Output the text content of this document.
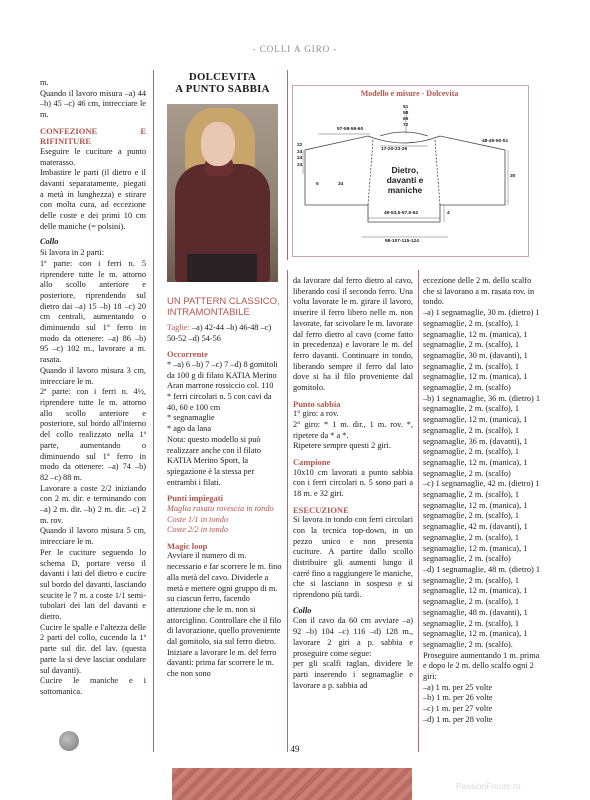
- COLLI A GIRO -

m.

Quando il lavoro misura –a) 44 –b) 45 –c) 46 cm, intrecciare le m.

CONFEZIONE E RIFINITURE

Eseguire le cuciture a punto materasso.

Imbastire le parti (il dietro e il davanti separatamente, piegati a metà in lunghezza) e stirare con molta cura, ad eccezione delle coste e dei primi 10 cm delle maniche (= polsini).

Collo

Si lavora in 2 parti:

1ª parte: con i ferri n. 5 riprendere tutte le m. attorno allo scollo anteriore e posteriore, riprendendo sul dietro dai –a) 15 –b) 18 –c) 20 cm centrali, aumentando o diminuendo sul 1° ferro in modo da ottenere: –a) 86 –b) 95 –c) 102 m., lavorare a m. rasata.

Quando il lavoro misura 3 cm, intrecciare le m.

2ª parte: con i ferri n. 4½, riprendere tutte le m. attorno allo scollo anteriore e posteriore, sul bordo all'interno del collo realizzato nella 1ª parte, aumentando o diminuendo sul 1° ferro in modo da ottenere: –a) 74 –b) 82 –c) 88 m.

Lavorare a coste 2/2 iniziando con 2 m. dir. e terminando con –a) 2 m. dir. –b) 2 m. dir. –c) 2 m. rov.

Quando il lavoro misura 5 cm, intrecciare le m.

Per le cuciture seguendo lo schema D, portare verso il davanti i lati del dietro e cucire sul bordo del davanti, lasciando scucite le 7 m. a coste 1/1 semi-tubolari dei lati del davanti e dietro.

Cucire le spalle e l'altezza delle 2 parti del collo, cucendo la 1ª parte sul dir. del lav. (questa parte la si deve lasciar ondulare sul davanti).

Cucire le maniche e i sottomanica.

DOLCEVITA
A PUNTO SABBIA

UN PATTERN CLASSICO, INTRAMONTABILE

Taglie: –a) 42-44 –b) 46-48 –c) 50-52 –d) 54-56

Occorrente

* –a) 6 –b) 7 –c) 7 –d) 8 gomitoli da 100 g di filato KATIA Merino Aran marrone rossiccio col. 110

* ferri circolari n. 5 con cavi da 40, 60 e 100 cm

* segnamaglie

* ago da lana

Nota: questo modello si può realizzare anche con il filato KATIA Merino Sport, la spiegazione è la stessa per entrambi i filati.

Punti impiegati

Maglia rasata rovescia in tondo

Coste 1/1 in tondo

Coste 2/2 in tondo

Magic loop

Avviare il numero di m. necessario e far scorrere le m. fino alla metà del cavo. Dividerle a metà e mettere ogni gruppo di m. su ciascun ferro, facendo attenzione che le m. non si attorciglino. Controllare che il filo di lavorazione, quello proveniente dal gomitolo, sia sul ferro dietro. Iniziare a lavorare le m. del ferro davanti: prima far scorrere le m. che non sono

Modello e misure - Dolcevita
51
58
65
72
57-58-59-60
17-20-23-26
22
24
24
24
48-49-50-51
30
5	34
Dietro,
davanti e
maniche
49-53,5-57,5-62
98-107-115-124
4

da lavorare dal ferro dietro al cavo, liberando così il secondo ferro. Una volta lavorate le m. girare il lavoro, inserire il ferro libero nelle m. non lavorate, far scivolare le m. lavorate dal ferro dietro al cavo (come fatto in precedenza) e lavorare le m. del ferro davanti. Continuare in tondo, liberando sempre il ferro dal lato dove si ha il filo proveniente dal gomitolo.

Punto sabbia

1° giro: a rov.

2° giro: * 1 m. dir., 1 m. rov. *, ripetere da * a *.

Ripetere sempre questi 2 giri.

Campione

10x10 cm lavorati a punto sabbia con i ferri circolari n. 5 sono pari a 18 m. e 32 giri.

ESECUZIONE

Si lavora in tondo con ferri circolari con la tecnica top-down, in un pezzo unico e non presenta cuciture. A partire dallo scollo distribuire gli aumenti lungo il carré fino a raggiungere le maniche, che si lasciano in sospeso e si riprendono più tardi.

Collo

Con il cavo da 60 cm avviare –a) 92 –b) 104 –c) 116 –d) 128 m., lavorare 2 giri a p. sabbia e proseguire come segue:

per gli scalfi raglan, dividere le parti inserendo i segnamaglie e lavorare a p. sabbia ad

eccezione delle 2 m. dello scalfo che si lavorano a m. rasata rov. in tondo.

–a) 1 segnamaglie, 30 m. (dietro) 1 segnamaglie, 2 m. (scalfo), 1 segnamaglie, 12 m. (manica), 1 segnamaglie, 2 m. (scalfo), 1 segnamaglie, 30 m. (davanti), 1 segnamaglie, 2 m. (scalfo), 1 segnamaglie, 12 m. (manica), 1 segnamaglie, 2 m. (scalfo)

–b) 1 segnamaglie, 36 m. (dietro) 1 segnamaglie, 2 m. (scalfo), 1 segnamaglie, 12 m. (manica), 1 segnamaglie, 2 m. (scalfo), 1 segnamaglie, 36 m. (davanti), 1 segnamaglie, 2 m. (scalfo), 1 segnamaglie, 12 m. (manica), 1 segnamaglie, 2 m. (scalfo)

–c) 1 segnamaglie, 42 m. (dietro) 1 segnamaglie, 2 m. (scalfo), 1 segnamaglie, 12 m. (manica), 1 segnamaglie, 2 m. (scalfo), 1 segnamaglie, 42 m. (davanti), 1 segnamaglie, 2 m. (scalfo), 1 segnamaglie, 12 m. (manica), 1 segnamaglie, 2 m. (scalfo)

–d) 1 segnamaglie, 48 m. (dietro) 1 segnamaglie, 2 m. (scalfo), 1 segnamaglie, 12 m. (manica), 1 segnamaglie, 2 m. (scalfo), 1 segnamaglie, 48 m. (davanti), 1 segnamaglie, 2 m. (scalfo), 1 segnamaglie, 12 m. (manica), 1 segnamaglie, 2 m. (scalfo).

Proseguire aumentando 1 m. prima e dopo le 2 m. dello scalfo ogni 2 giri:

–a) 1 m. per 25 volte

–b) 1 m. per 26 volte

–c) 1 m. per 27 volte

–d) 1 m. per 28 volte

49
PassionForum.ru
